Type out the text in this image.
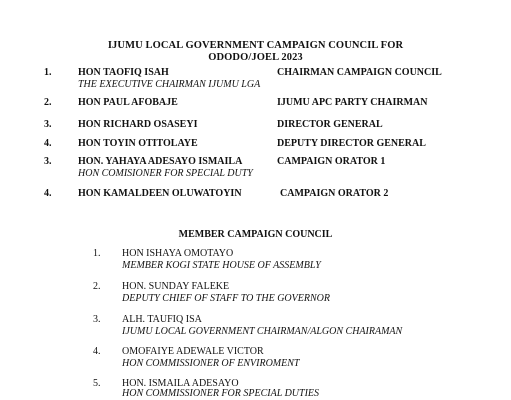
IJUMU LOCAL GOVERNMENT CAMPAIGN COUNCIL FOR
ODODO/JOEL 2023
1.	HON TAOFIQ ISAH	CHAIRMAN CAMPAIGN COUNCIL
THE EXECUTIVE CHAIRMAN IJUMU LGA
2.	HON PAUL AFOBAJE	IJUMU APC PARTY CHAIRMAN
3.	HON RICHARD OSASEYI	DIRECTOR GENERAL
4.	HON TOYIN OTITOLAYE	DEPUTY DIRECTOR GENERAL
3.	HON. YAHAYA ADESAYO ISMAILA	CAMPAIGN ORATOR 1
HON COMISIONER FOR SPECIAL DUTY
4.	HON KAMALDEEN OLUWATOYIN	CAMPAIGN ORATOR 2
MEMBER CAMPAIGN COUNCIL
1. HON ISHAYA OMOTAYO
MEMBER KOGI STATE HOUSE OF ASSEMBLY
2. HON. SUNDAY FALEKE
DEPUTY CHIEF OF STAFF TO THE GOVERNOR
3. ALH. TAUFIQ ISA
IJUMU LOCAL GOVERNMENT CHAIRMAN/ALGON CHAIRAMAN
4. OMOFAIYE ADEWALE VICTOR
HON COMMISSIONER OF ENVIROMENT
5. HON. ISMAILA ADESAYO
HON COMMISSIONER FOR SPECIAL DUTIES
